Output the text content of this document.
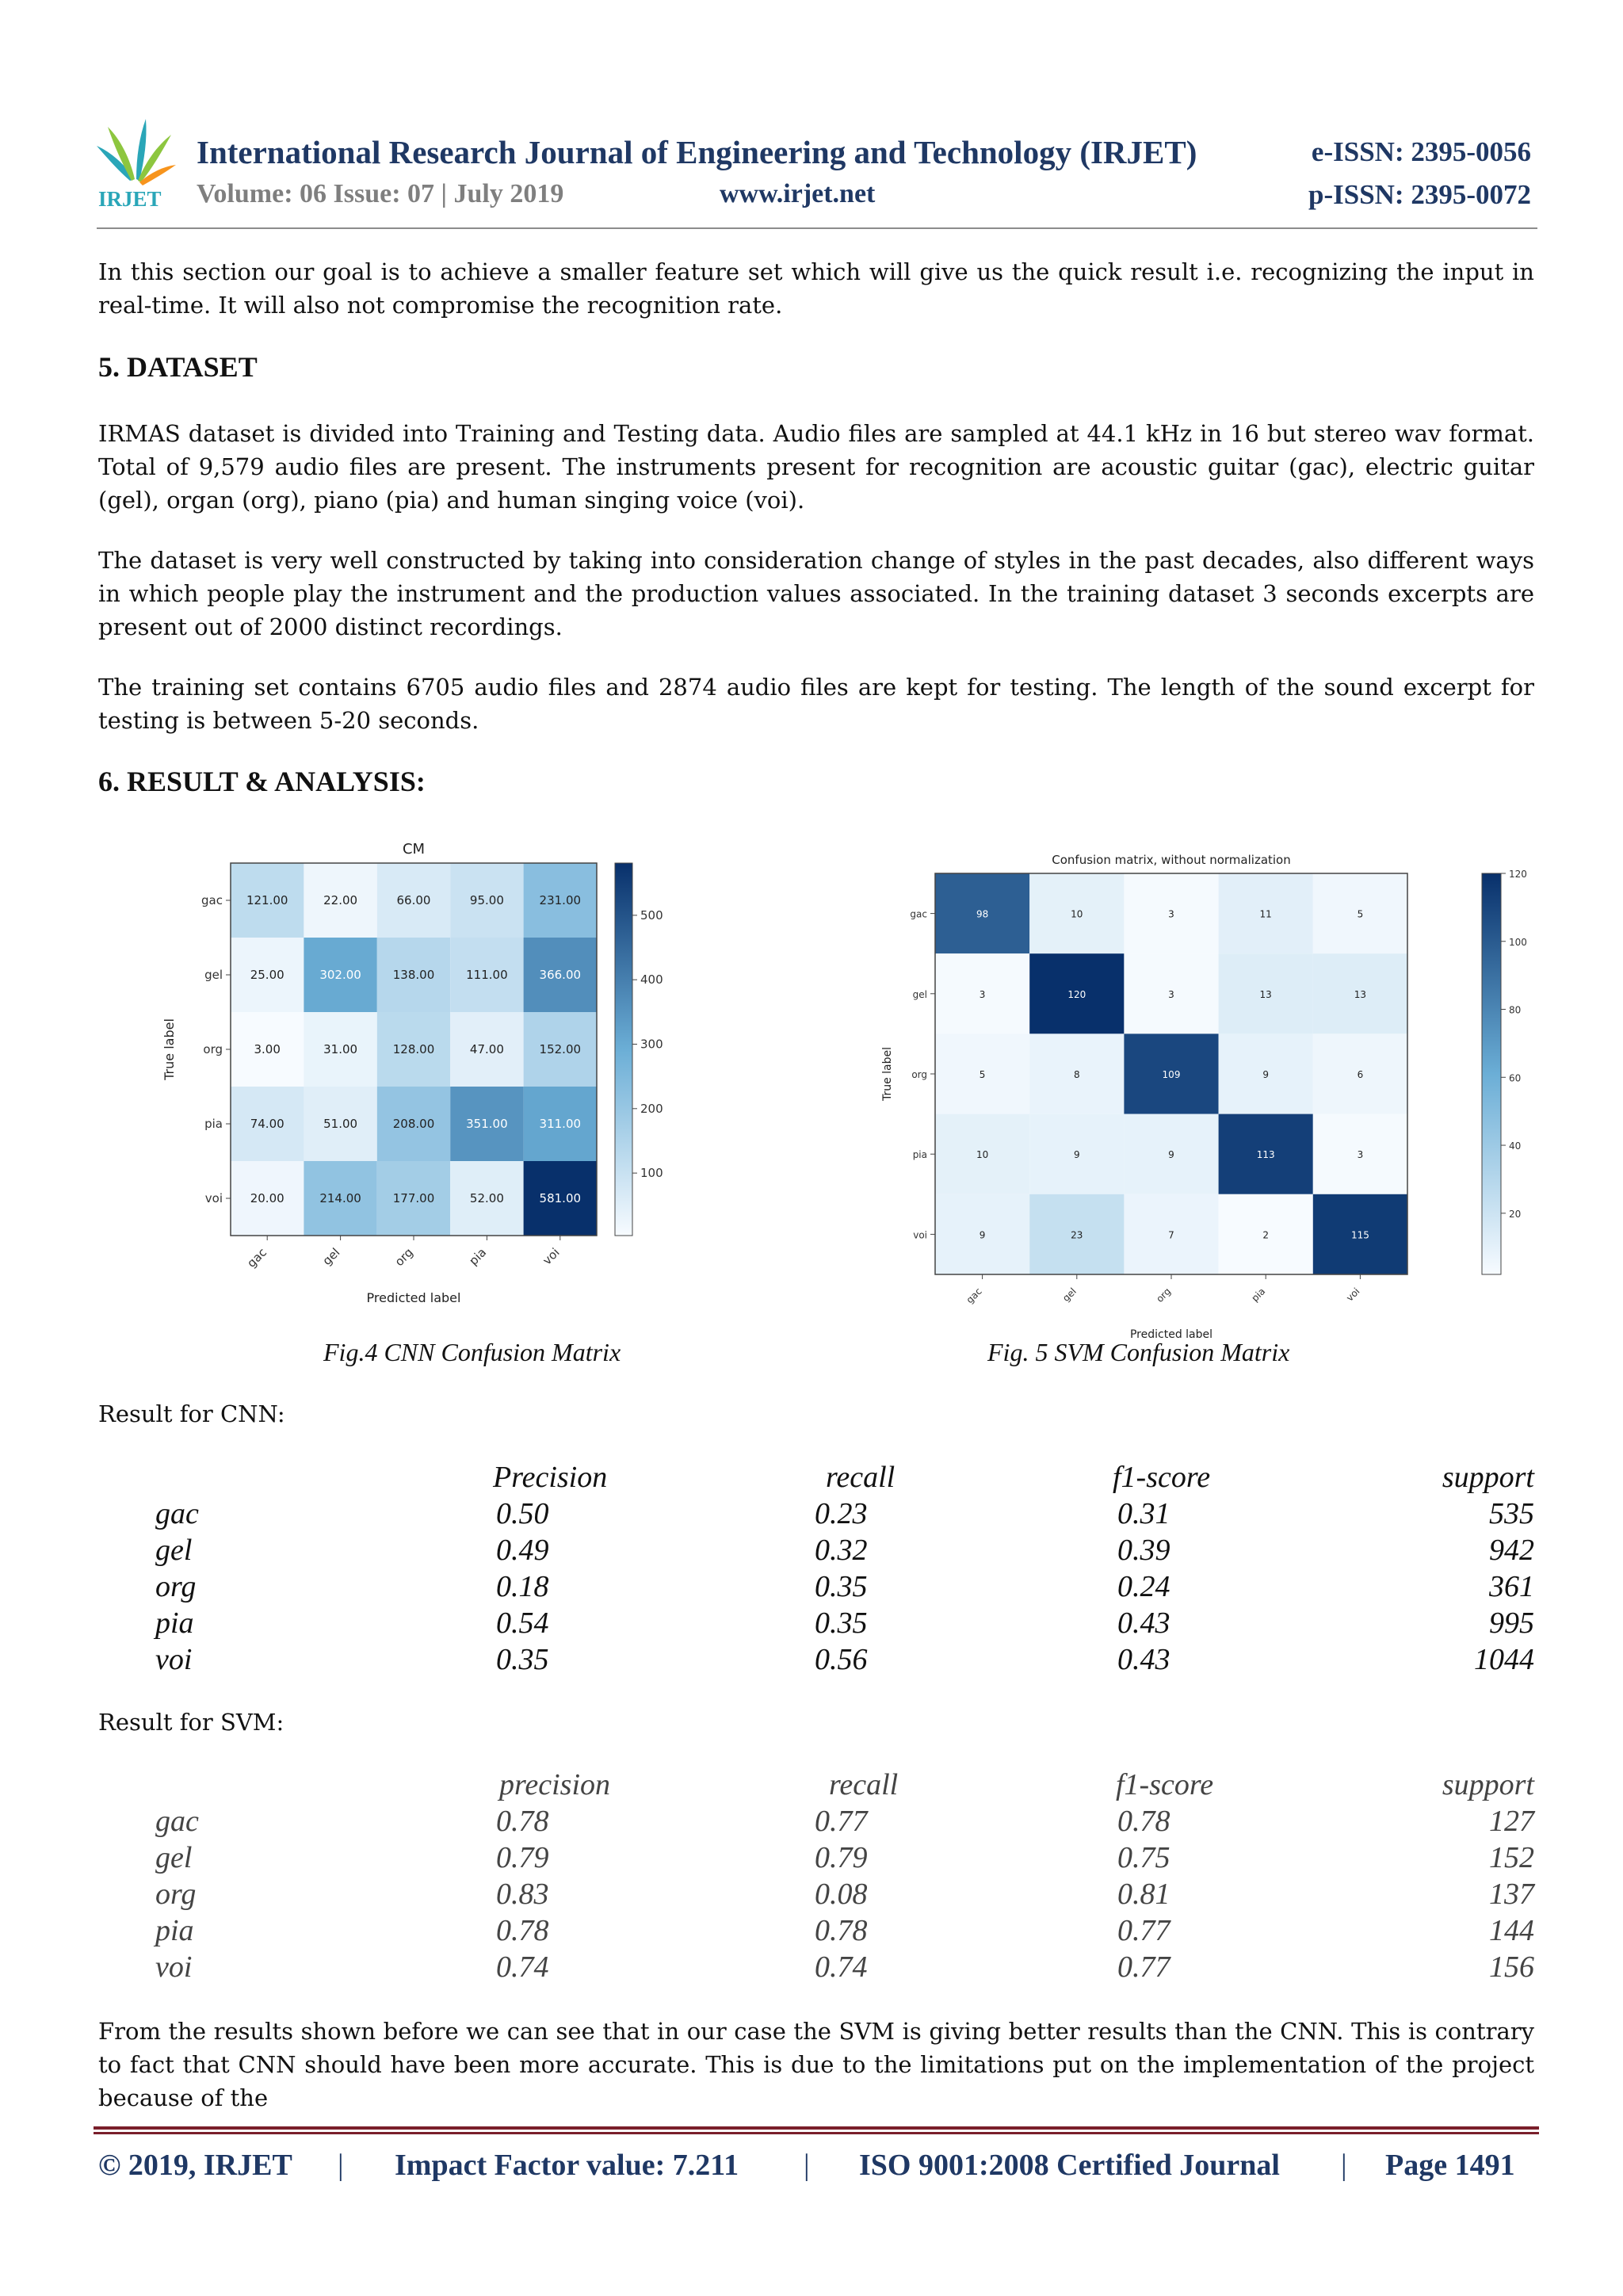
IRJET
International Research Journal of Engineering and Technology (IRJET)	e-ISSN: 2395-0056
Volume: 06 Issue: 07 | July 2019	www.irjet.net	p-ISSN: 2395-0072

In this section our goal is to achieve a smaller feature set which will give us the quick result i.e. recognizing the input in real-time. It will also not compromise the recognition rate.

5. DATASET

IRMAS dataset is divided into Training and Testing data. Audio files are sampled at 44.1 kHz in 16 but stereo wav format. Total of 9,579 audio files are present. The instruments present for recognition are acoustic guitar (gac), electric guitar (gel), organ (org), piano (pia) and human singing voice (voi).

The dataset is very well constructed by taking into consideration change of styles in the past decades, also different ways in which people play the instrument and the production values associated. In the training dataset 3 seconds excerpts are present out of 2000 distinct recordings.

The training set contains 6705 audio files and 2874 audio files are kept for testing. The length of the sound excerpt for testing is between 5-20 seconds.

6. RESULT & ANALYSIS:
CM
121.00	22.00	66.00	95.00	231.00
25.00	302.00	138.00	111.00	366.00
3.00	31.00	128.00	47.00	152.00
74.00	51.00	208.00	351.00	311.00
20.00	214.00	177.00	52.00	581.00
gac
gel
org
pia
voi
gac	gel	org	pia	voi
Predicted label
True label
100
200
300
400
500
Confusion matrix, without normalization
98	10	3	11	5
3	120	3	13	13
5	8	109	9	6
10	9	9	113	3
9	23	7	2	115
gac
gel
org
pia
voi
gac	gel	org	pia	voi
Predicted label
True label
20
40
60
80
100
120
Fig.4 CNN Confusion Matrix	Fig. 5 SVM Confusion Matrix
Result for CNN:
Precision	recall	f1-score	support
gac	0.50	0.23	0.31	535
gel	0.49	0.32	0.39	942
org	0.18	0.35	0.24	361
pia	0.54	0.35	0.43	995
voi	0.35	0.56	0.43	1044
Result for SVM:
precision	recall	f1-score	support
gac	0.78	0.77	0.78	127
gel	0.79	0.79	0.75	152
org	0.83	0.08	0.81	137
pia	0.78	0.78	0.77	144
voi	0.74	0.74	0.77	156

From the results shown before we can see that in our case the SVM is giving better results than the CNN. This is contrary to fact that CNN should have been more accurate. This is due to the limitations put on the implementation of the project because of the

© 2019, IRJET | Impact Factor value: 7.211 | ISO 9001:2008 Certified Journal | Page 1491
